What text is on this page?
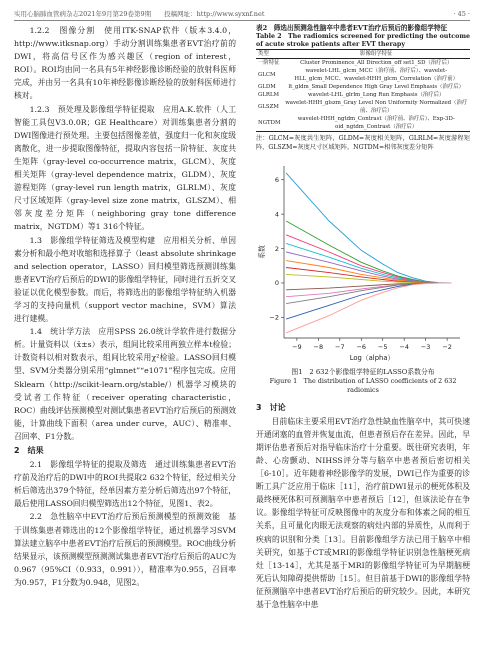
实用心脑肺血管病杂志2021年9月第29卷第9期　　投稿网址：http://www.syxnf.net	· 45 ·

1.2.2　图像分割　使用ITK-SNAP软件（版本3.4.0，http://www.itksnap.org）手动分割训练集患者EVT治疗前的DWI，将高信号区作为感兴趣区（region of interest，ROI）。ROI均由同一名具有5年神经影像诊断经验的放射科医师完成，并由另一名具有10年神经影像诊断经验的放射科医师进行核对。

1.2.3　预处理及影像组学特征提取　应用A.K.软件（人工智能工具包V3.0.0R；GE Healthcare）对训练集患者分割的DWI图像进行预处理。主要包括图像差值，强度归一化和灰度级离散化，进一步提取图像特征，提取内容包括一阶特征、灰度共生矩阵（gray-level co-occurrence matrix，GLCM）、灰度相关矩阵（gray-level dependence matrix，GLDM）、灰度游程矩阵（gray-level run length matrix，GLRLM）、灰度尺寸区域矩阵（gray-level size zone matrix，GLSZM）、相邻灰度差分矩阵（neighboring gray tone difference matrix，NGTDM）等1 316个特征。

1.3　影像组学特征筛选及模型构建　应用相关分析、单因素分析和最小绝对收缩和选择算子（least absolute shrinkage and selection operator，LASSO）回归模型筛选预测训练集患者EVT治疗后预后的DWI的影像组学特征，同时进行五折交叉验证以优化模型参数。而后，将筛选出的影像组学特征纳入机器学习的支持向量机（support vector machine，SVM）算法进行建模。

1.4　统计学方法　应用SPSS 26.0统计学软件进行数据分析。计量资料以（x̄±s）表示，组间比较采用两独立样本t检验；计数资料以相对数表示，组间比较采用χ²检验。LASSO回归模型、SVM分类器分别采用“glmnet”“e1071”程序包完成。应用Sklearn（http://scikit-learn.org/stable/）机器学习模块的受试者工作特征（receiver operating characteristic，ROC）曲线评估预测模型对测试集患者EVT治疗后预后的预测效能，计算曲线下面积（area under curve，AUC）、精准率、召回率、F1分数。

2　结果

2.1　影像组学特征的提取及筛选　通过训练集患者EVT治疗前及治疗后的DWI中的ROI共提取2 632个特征，经过相关分析后筛选出379个特征，经单因素方差分析后筛选出97个特征，最后使用LASSO回归模型筛选出12个特征，见图1、表2。

2.2　急性脑卒中EVT治疗后预后预测模型的预测效能　基于训练集患者筛选出的12个影像组学特征，通过机器学习SVM算法建立脑卒中患者EVT治疗后预后的预测模型。ROC曲线分析结果显示，该预测模型预测测试集患者EVT治疗后预后的AUC为0.967（95%CI（0.933，0.991）），精准率为0.955，召回率为0.957，F1分数为0.948，见图2。

表2　筛选出预测急性脑卒中患者EVT治疗后预后的影像组学特征

Table 2　The radiomics screened for predicting the outcome of acute stroke patients after EVT therapy

类型	影像组学特征
一阶特征	Cluster Prominence_All Direction_off set1_SD（治疗后）
GLCM	wavelet-LHL_glcm_MCC（治疗前、治疗后）、wavelet-HLL_glcm_MCC、wavelet-HHH_glcm_Correlation（治疗前）
GLDM	lt_gldm_Small Dependence High Gray Level Emphasis（治疗后）
GLRLM	wavelet-LHL_glrlm_Long Run Emphasis（治疗后）
GLSZM	wavelet-HHH_glszm_Gray Level Non Uniformity Normalized（治疗前、治疗后）
NGTDM	wavelet-HHH_ngtdm_Contrast（治疗前、治疗后）、Exp-3D-oid_ngtdm_Contrast（治疗后）

注：GLCM=灰度共生矩阵，GLDM=灰度相关矩阵，GLRLM=灰度游程矩阵，GLSZM=灰度尺寸区域矩阵，NGTDM=相邻灰度差分矩阵

−9 −8 −7 −6 −5 −4 −3 −2
−2
0
2
4
6
Log（alpha）
系数

图1　2 632个影像组学特征的LASSO系数分布

Figure 1　The distribution of LASSO coefficients of 2 632 radiomics

3　讨论

目前临床主要采用EVT治疗急性缺血性脑卒中，其可快速开通闭塞的血管并恢复血流，但患者预后存在差异。因此，早期评估患者预后对指导临床治疗十分重要。既往研究表明，年龄、心房颤动、NIHSS评分等与脑卒中患者预后密切相关［6-10］。近年随着神经影像学的发展，DWI已作为重要的诊断工具广泛应用于临床［11］，治疗前DWI显示的梗死体积及最终梗死体积可预测脑卒中患者预后［12］，但该法论存在争议。影像组学特征可反映图像中的灰度分布和体素之间的相互关系，且可量化肉眼无法观察的病灶内部的异质性，从而利于疾病的识别和分类［13］。目前影像组学方法已用于脑卒中相关研究，如基于CT或MRI的影像组学特征识别急性脑梗死病灶［13-14］，尤其是基于MRI的影像组学特征可为早期脑梗死后认知障碍提供帮助［15］。但目前基于DWI的影像组学特征预测脑卒中患者EVT治疗后预后的研究较少。因此，本研究基于急性脑卒中患
